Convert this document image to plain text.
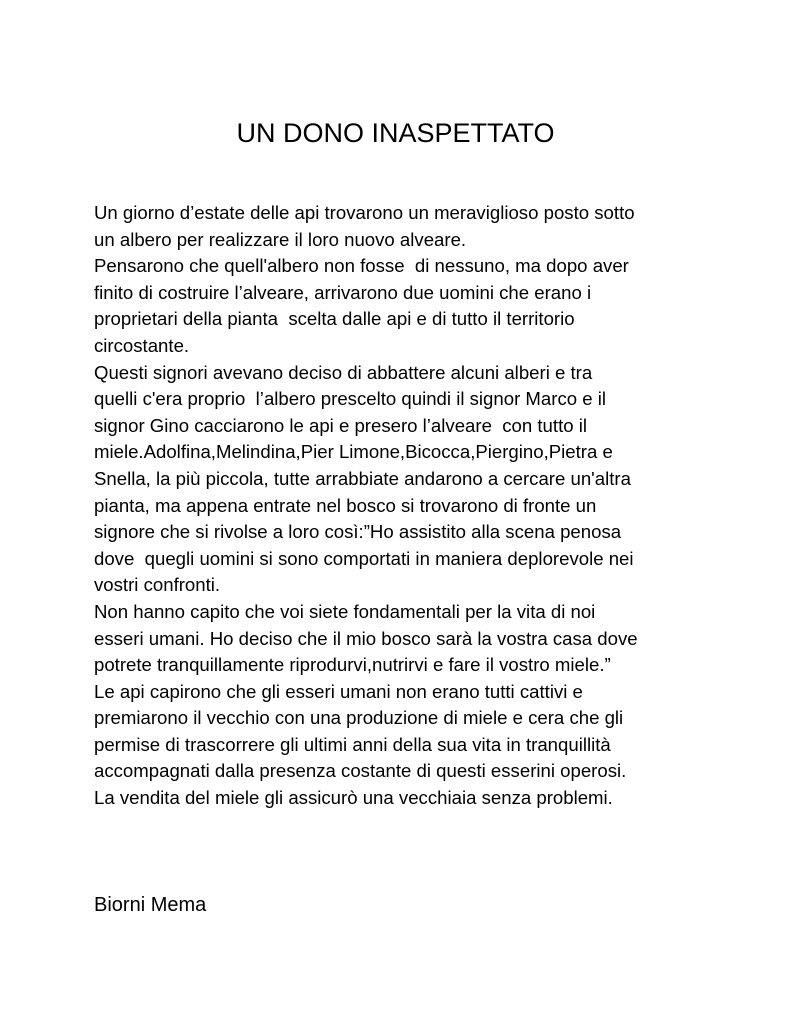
UN DONO INASPETTATO
Un giorno d’estate delle api trovarono un meraviglioso posto sotto
un albero per realizzare il loro nuovo alveare.
Pensarono che quell'albero non fosse  di nessuno, ma dopo aver
finito di costruire l’alveare, arrivarono due uomini che erano i
proprietari della pianta  scelta dalle api e di tutto il territorio
circostante.
Questi signori avevano deciso di abbattere alcuni alberi e tra
quelli c'era proprio  l’albero prescelto quindi il signor Marco e il
signor Gino cacciarono le api e presero l’alveare  con tutto il
miele.Adolfina,Melindina,Pier Limone,Bicocca,Piergino,Pietra e
Snella, la più piccola, tutte arrabbiate andarono a cercare un'altra
pianta, ma appena entrate nel bosco si trovarono di fronte un
signore che si rivolse a loro così:”Ho assistito alla scena penosa
dove  quegli uomini si sono comportati in maniera deplorevole nei
vostri confronti.
Non hanno capito che voi siete fondamentali per la vita di noi
esseri umani. Ho deciso che il mio bosco sarà la vostra casa dove
potrete tranquillamente riprodurvi,nutrirvi e fare il vostro miele.”
Le api capirono che gli esseri umani non erano tutti cattivi e
premiarono il vecchio con una produzione di miele e cera che gli
permise di trascorrere gli ultimi anni della sua vita in tranquillità
accompagnati dalla presenza costante di questi esserini operosi.
La vendita del miele gli assicurò una vecchiaia senza problemi.

Biorni Mema
